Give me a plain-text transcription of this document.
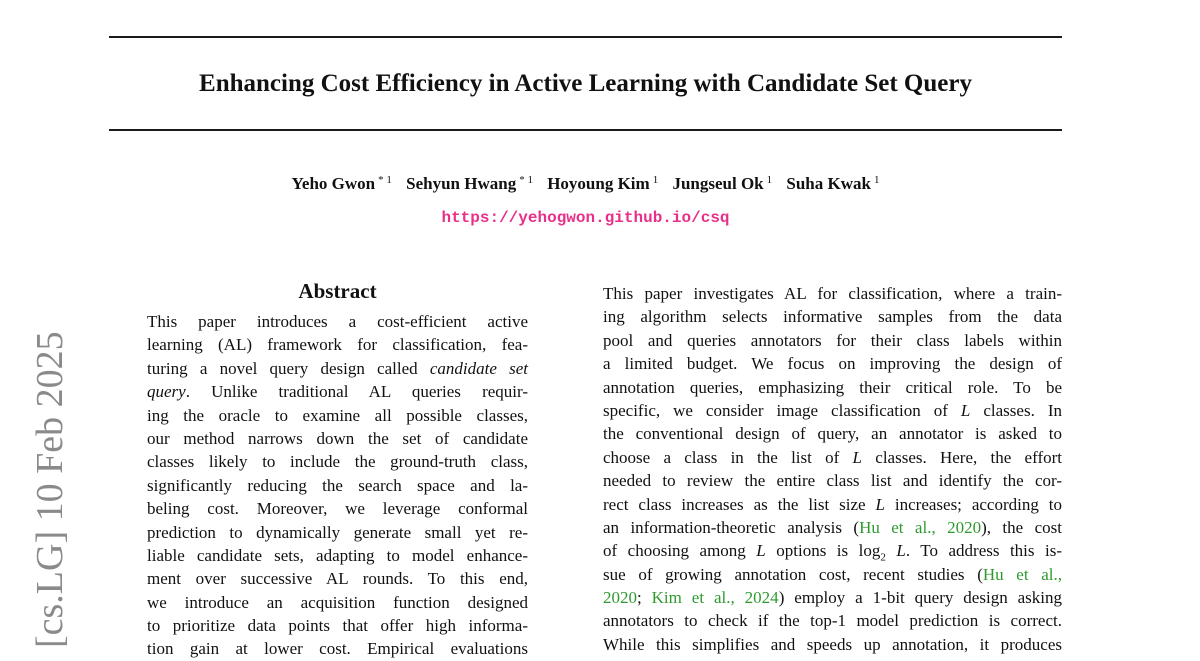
Enhancing Cost Efficiency in Active Learning with Candidate Set Query
Yeho Gwon $^{* 1}$ Sehyun Hwang $^{* 1}$ Hoyoung Kim $^1$ Jungseul Ok $^1$ Suha Kwak $^1$
https://yehogwon.github.io/csq
[cs.LG] 10 Feb 2025
Abstract
This paper introduces a cost-efficient active
learning (AL) framework for classification, fea-
turing a novel query design called candidate set
query. Unlike traditional AL queries requir-
ing the oracle to examine all possible classes,
our method narrows down the set of candidate
classes likely to include the ground-truth class,
significantly reducing the search space and la-
beling cost. Moreover, we leverage conformal
prediction to dynamically generate small yet re-
liable candidate sets, adapting to model enhance-
ment over successive AL rounds. To this end,
we introduce an acquisition function designed
to prioritize data points that offer high informa-
tion gain at lower cost. Empirical evaluations
This paper investigates AL for classification, where a train-
ing algorithm selects informative samples from the data
pool and queries annotators for their class labels within
a limited budget. We focus on improving the design of
annotation queries, emphasizing their critical role. To be
specific, we consider image classification of L classes. In
the conventional design of query, an annotator is asked to
choose a class in the list of L classes. Here, the effort
needed to review the entire class list and identify the cor-
rect class increases as the list size L increases; according to
an information-theoretic analysis (Hu et al., 2020), the cost
of choosing among L options is $\log_2 L$. To address this is-
sue of growing annotation cost, recent studies (Hu et al.,
2020; Kim et al., 2024) employ a 1-bit query design asking
annotators to check if the top-1 model prediction is correct.
While this simplifies and speeds up annotation, it produces
